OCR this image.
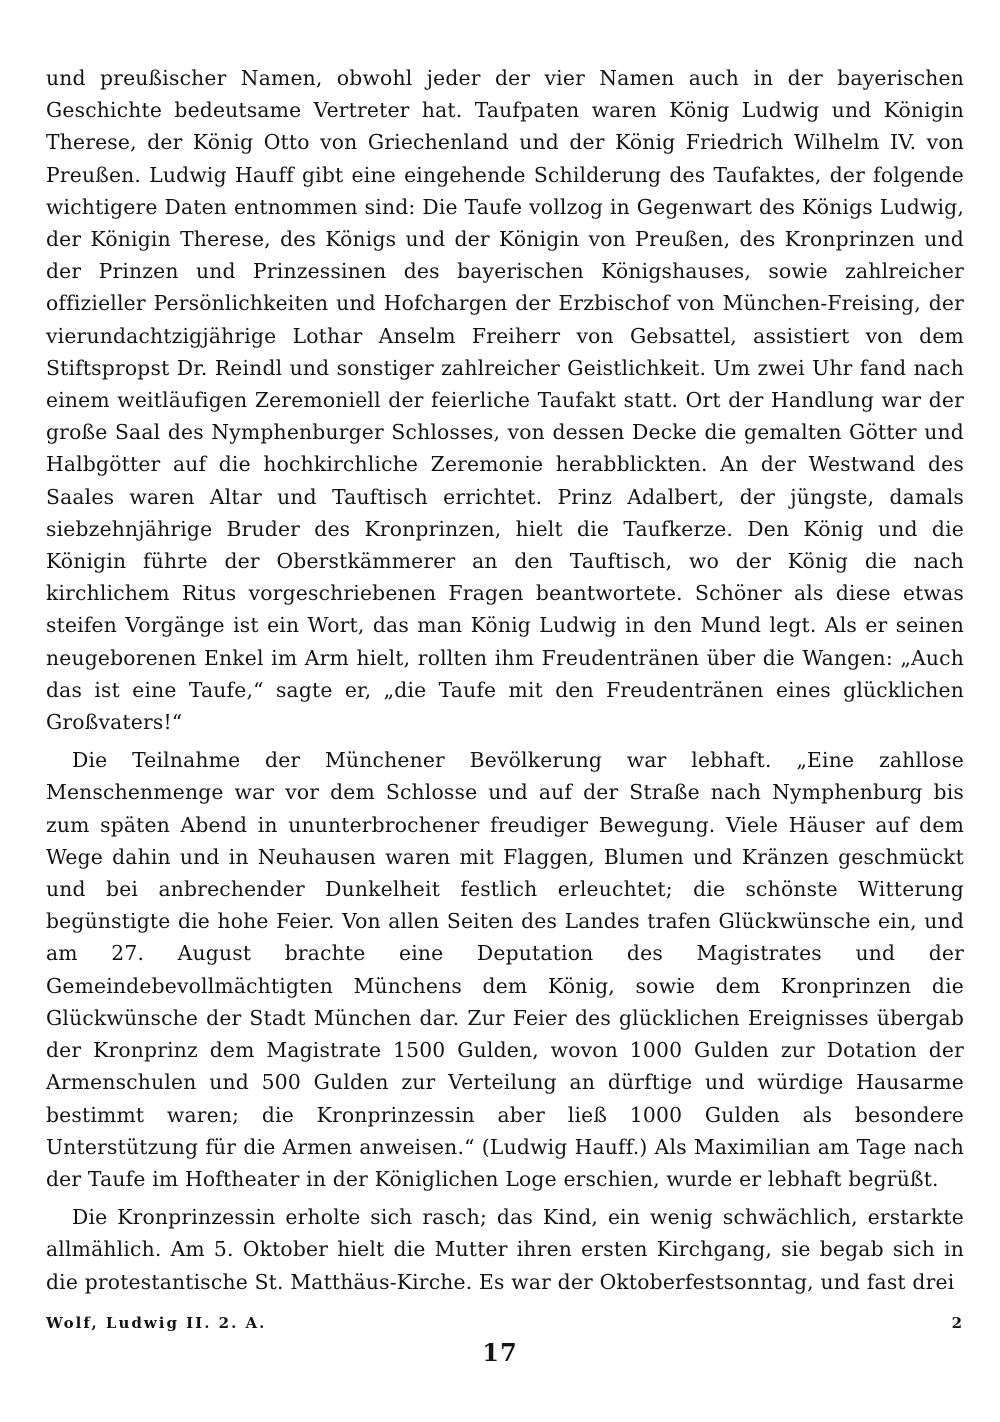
und preußischer Namen, obwohl jeder der vier Namen auch in der bayerischen Geschichte bedeutsame Vertreter hat. Taufpaten waren König Ludwig und Königin Therese, der König Otto von Griechenland und der König Friedrich Wilhelm IV. von Preußen. Ludwig Hauff gibt eine eingehende Schilderung des Taufaktes, der folgende wichtigere Daten entnommen sind: Die Taufe vollzog in Gegenwart des Königs Ludwig, der Königin Therese, des Königs und der Königin von Preußen, des Kronprinzen und der Prinzen und Prinzessinen des bayerischen Königshauses, sowie zahlreicher offizieller Persönlichkeiten und Hofchargen der Erzbischof von München-Freising, der vierundachtzigjährige Lothar Anselm Freiherr von Gebsattel, assistiert von dem Stiftspropst Dr. Reindl und sonstiger zahlreicher Geistlichkeit. Um zwei Uhr fand nach einem weitläufigen Zeremoniell der feierliche Taufakt statt. Ort der Handlung war der große Saal des Nymphenburger Schlosses, von dessen Decke die gemalten Götter und Halbgötter auf die hochkirchliche Zeremonie herabblickten. An der Westwand des Saales waren Altar und Tauftisch errichtet. Prinz Adalbert, der jüngste, damals siebzehnjährige Bruder des Kronprinzen, hielt die Taufkerze. Den König und die Königin führte der Oberstkämmerer an den Tauftisch, wo der König die nach kirchlichem Ritus vorgeschriebenen Fragen beantwortete. Schöner als diese etwas steifen Vorgänge ist ein Wort, das man König Ludwig in den Mund legt. Als er seinen neugeborenen Enkel im Arm hielt, rollten ihm Freudentränen über die Wangen: „Auch das ist eine Taufe,“ sagte er, „die Taufe mit den Freudentränen eines glücklichen Großvaters!“

Die Teilnahme der Münchener Bevölkerung war lebhaft. „Eine zahllose Menschenmenge war vor dem Schlosse und auf der Straße nach Nymphenburg bis zum späten Abend in ununterbrochener freudiger Bewegung. Viele Häuser auf dem Wege dahin und in Neuhausen waren mit Flaggen, Blumen und Kränzen geschmückt und bei anbrechender Dunkelheit festlich erleuchtet; die schönste Witterung begünstigte die hohe Feier. Von allen Seiten des Landes trafen Glückwünsche ein, und am 27. August brachte eine Deputation des Magistrates und der Gemeindebevollmächtigten Münchens dem König, sowie dem Kronprinzen die Glückwünsche der Stadt München dar. Zur Feier des glücklichen Ereignisses übergab der Kronprinz dem Magistrate 1500 Gulden, wovon 1000 Gulden zur Dotation der Armenschulen und 500 Gulden zur Verteilung an dürftige und würdige Hausarme bestimmt waren; die Kronprinzessin aber ließ 1000 Gulden als besondere Unterstützung für die Armen anweisen.“ (Ludwig Hauff.) Als Maximilian am Tage nach der Taufe im Hoftheater in der Königlichen Loge erschien, wurde er lebhaft begrüßt.

Die Kronprinzessin erholte sich rasch; das Kind, ein wenig schwächlich, erstarkte allmählich. Am 5. Oktober hielt die Mutter ihren ersten Kirchgang, sie begab sich in die protestantische St. Matthäus-Kirche. Es war der Oktoberfestsonntag, und fast drei

Wolf, Ludwig II. 2. A.	2
17
